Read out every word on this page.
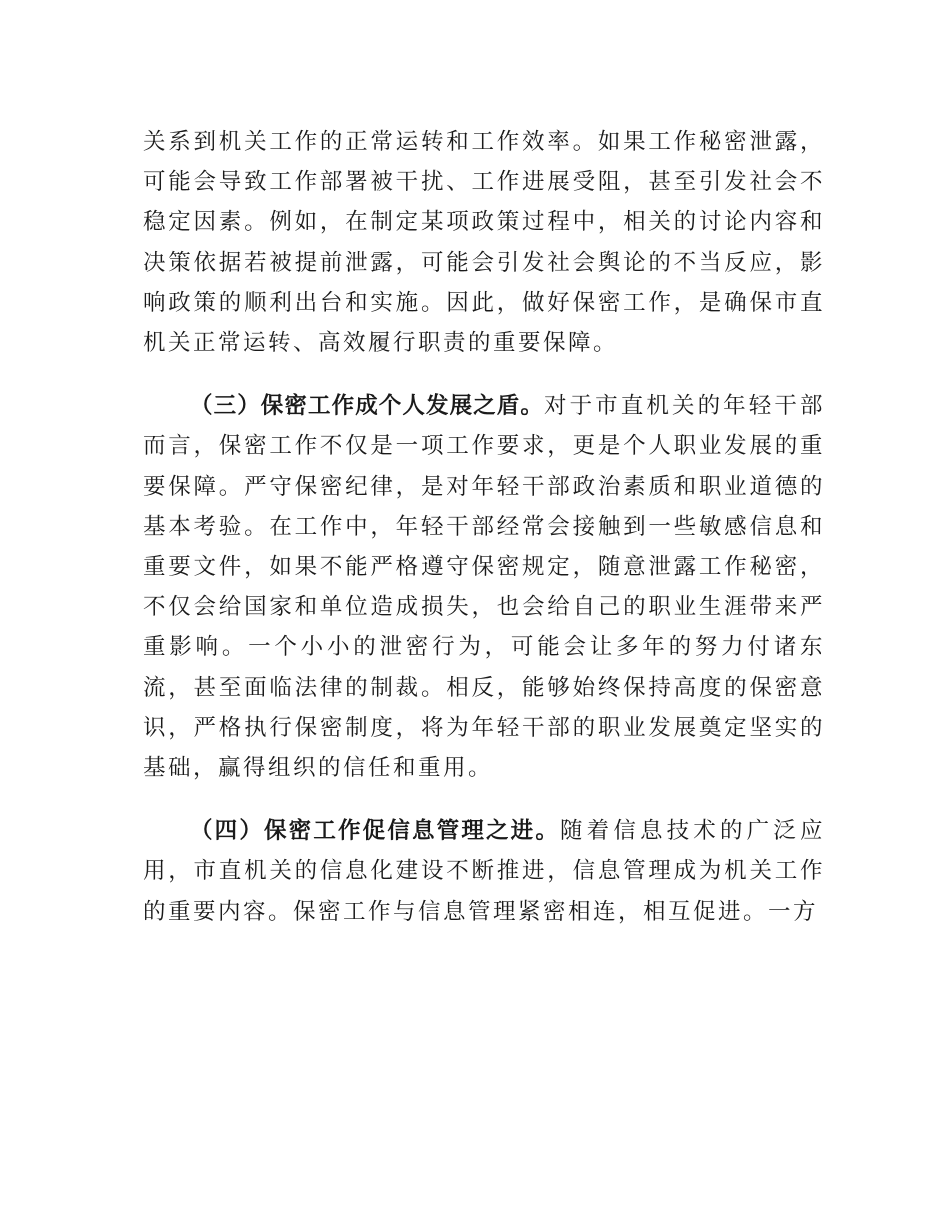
关系到机关工作的正常运转和工作效率。如果工作秘密泄露，可能会导致工作部署被干扰、工作进展受阻，甚至引发社会不稳定因素。例如，在制定某项政策过程中，相关的讨论内容和决策依据若被提前泄露，可能会引发社会舆论的不当反应，影响政策的顺利出台和实施。因此，做好保密工作，是确保市直机关正常运转、高效履行职责的重要保障。

（三）保密工作成个人发展之盾。对于市直机关的年轻干部而言，保密工作不仅是一项工作要求，更是个人职业发展的重要保障。严守保密纪律，是对年轻干部政治素质和职业道德的基本考验。在工作中，年轻干部经常会接触到一些敏感信息和重要文件，如果不能严格遵守保密规定，随意泄露工作秘密，不仅会给国家和单位造成损失，也会给自己的职业生涯带来严重影响。一个小小的泄密行为，可能会让多年的努力付诸东流，甚至面临法律的制裁。相反，能够始终保持高度的保密意识，严格执行保密制度，将为年轻干部的职业发展奠定坚实的基础，赢得组织的信任和重用。

（四）保密工作促信息管理之进。随着信息技术的广泛应用，市直机关的信息化建设不断推进，信息管理成为机关工作的重要内容。保密工作与信息管理紧密相连，相互促进。一方
